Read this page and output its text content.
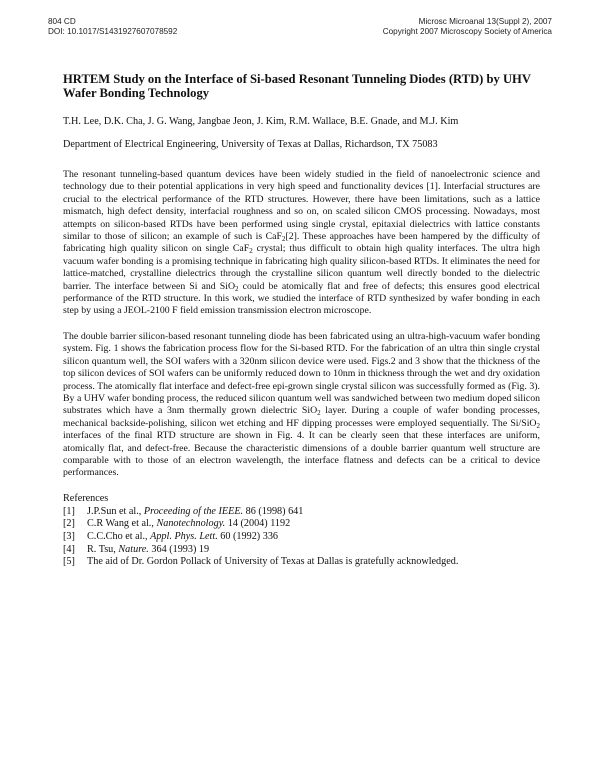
804 CD
DOI: 10.1017/S1431927607078592
Microsc Microanal 13(Suppl 2), 2007
Copyright 2007 Microscopy Society of America
HRTEM Study on the Interface of Si-based Resonant Tunneling Diodes (RTD) by UHV Wafer Bonding Technology
T.H. Lee, D.K. Cha, J. G. Wang, Jangbae Jeon, J. Kim, R.M. Wallace, B.E. Gnade, and M.J. Kim
Department of Electrical Engineering, University of Texas at Dallas, Richardson, TX 75083

The resonant tunneling-based quantum devices have been widely studied in the field of nanoelectronic science and technology due to their potential applications in very high speed and functionality devices [1]. Interfacial structures are crucial to the electrical performance of the RTD structures. However, there have been limitations, such as a lattice mismatch, high defect density, interfacial roughness and so on, on scaled silicon CMOS processing. Nowadays, most attempts on silicon-based RTDs have been performed using single crystal, epitaxial dielectrics with lattice constants similar to those of silicon; an example of such is CaF$_2$[2]. These approaches have been hampered by the difficulty of fabricating high quality silicon on single CaF$_2$ crystal; thus difficult to obtain high quality interfaces. The ultra high vacuum wafer bonding is a promising technique in fabricating high quality silicon-based RTDs. It eliminates the need for lattice-matched, crystalline dielectrics through the crystalline silicon quantum well directly bonded to the dielectric barrier. The interface between Si and SiO$_2$ could be atomically flat and free of defects; this ensures good electrical performance of the RTD structure. In this work, we studied the interface of RTD synthesized by wafer bonding in each step by using a JEOL-2100 F field emission transmission electron microscope.

The double barrier silicon-based resonant tunneling diode has been fabricated using an ultra-high-vacuum wafer bonding system. Fig. 1 shows the fabrication process flow for the Si-based RTD. For the fabrication of an ultra thin single crystal silicon quantum well, the SOI wafers with a 320nm silicon device were used. Figs.2 and 3 show that the thickness of the top silicon devices of SOI wafers can be uniformly reduced down to 10nm in thickness through the wet and dry oxidation process. The atomically flat interface and defect-free epi-grown single crystal silicon was successfully formed as (Fig. 3). By a UHV wafer bonding process, the reduced silicon quantum well was sandwiched between two medium doped silicon substrates which have a 3nm thermally grown dielectric SiO$_2$ layer. During a couple of wafer bonding processes, mechanical backside-polishing, silicon wet etching and HF dipping processes were employed sequentially. The Si/SiO$_2$ interfaces of the final RTD structure are shown in Fig. 4. It can be clearly seen that these interfaces are uniform, atomically flat, and defect-free. Because the characteristic dimensions of a double barrier quantum well structure are comparable with to those of an electron wavelength, the interface flatness and defects can be a critical to device performances.

References
[1]	J.P.Sun et al., Proceeding of the IEEE. 86 (1998) 641
[2]	C.R Wang et al., Nanotechnology. 14 (2004) 1192
[3]	C.C.Cho et al., Appl. Phys. Lett. 60 (1992) 336
[4]	R. Tsu, Nature. 364 (1993) 19
[5]	The aid of Dr. Gordon Pollack of University of Texas at Dallas is gratefully acknowledged.
